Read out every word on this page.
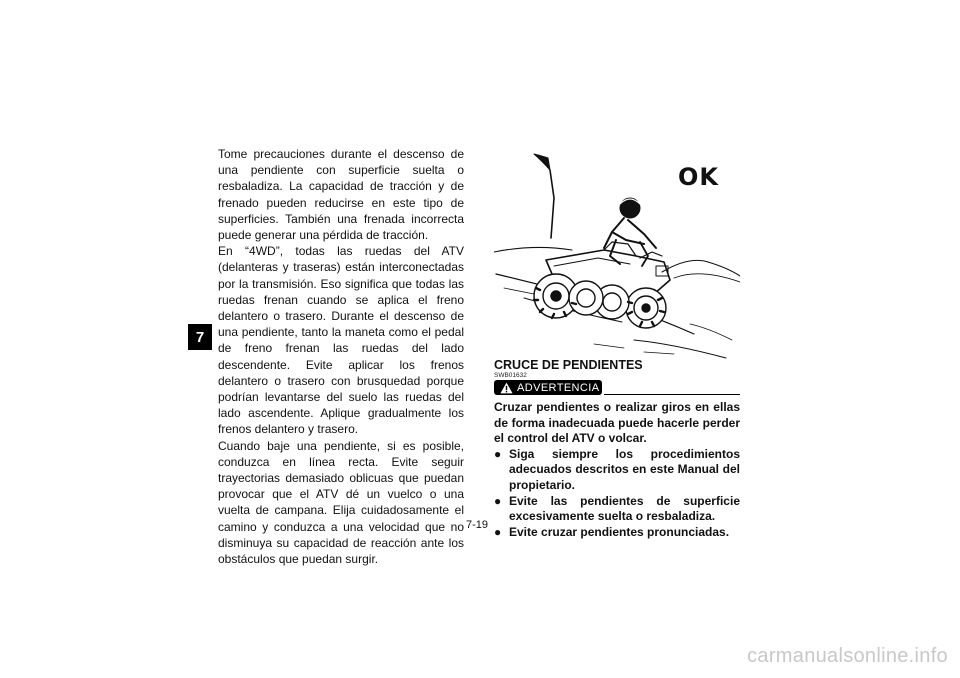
7

Tome precauciones durante el descenso de una pendiente con superficie suelta o resbaladiza. La capacidad de tracción y de frenado pueden reducirse en este tipo de superficies. También una frenada incorrecta puede generar una pérdida de tracción.

En “4WD”, todas las ruedas del ATV (delanteras y traseras) están interconectadas por la transmisión. Eso significa que todas las ruedas frenan cuando se aplica el freno delantero o trasero. Durante el descenso de una pendiente, tanto la maneta como el pedal de freno frenan las ruedas del lado descendente. Evite aplicar los frenos delantero o trasero con brusquedad porque podrían levantarse del suelo las ruedas del lado ascendente. Aplique gradualmente los frenos delantero y trasero.

Cuando baje una pendiente, si es posible, conduzca en línea recta. Evite seguir trayectorias demasiado oblicuas que puedan provocar que el ATV dé un vuelco o una vuelta de campana. Elija cuidadosamente el camino y conduzca a una velocidad que no disminuya su capacidad de reacción ante los obstáculos que puedan surgir.

OK
CRUCE DE PENDIENTES
SWB01632
ADVERTENCIA

Cruzar pendientes o realizar giros en ellas de forma inadecuada puede hacerle perder el control del ATV o volcar.

● Siga siempre los procedimientos adecuados descritos en este Manual del propietario.
● Evite las pendientes de superficie excesivamente suelta o resbaladiza.
● Evite cruzar pendientes pronunciadas.
7-19
carmanualsonline.info
